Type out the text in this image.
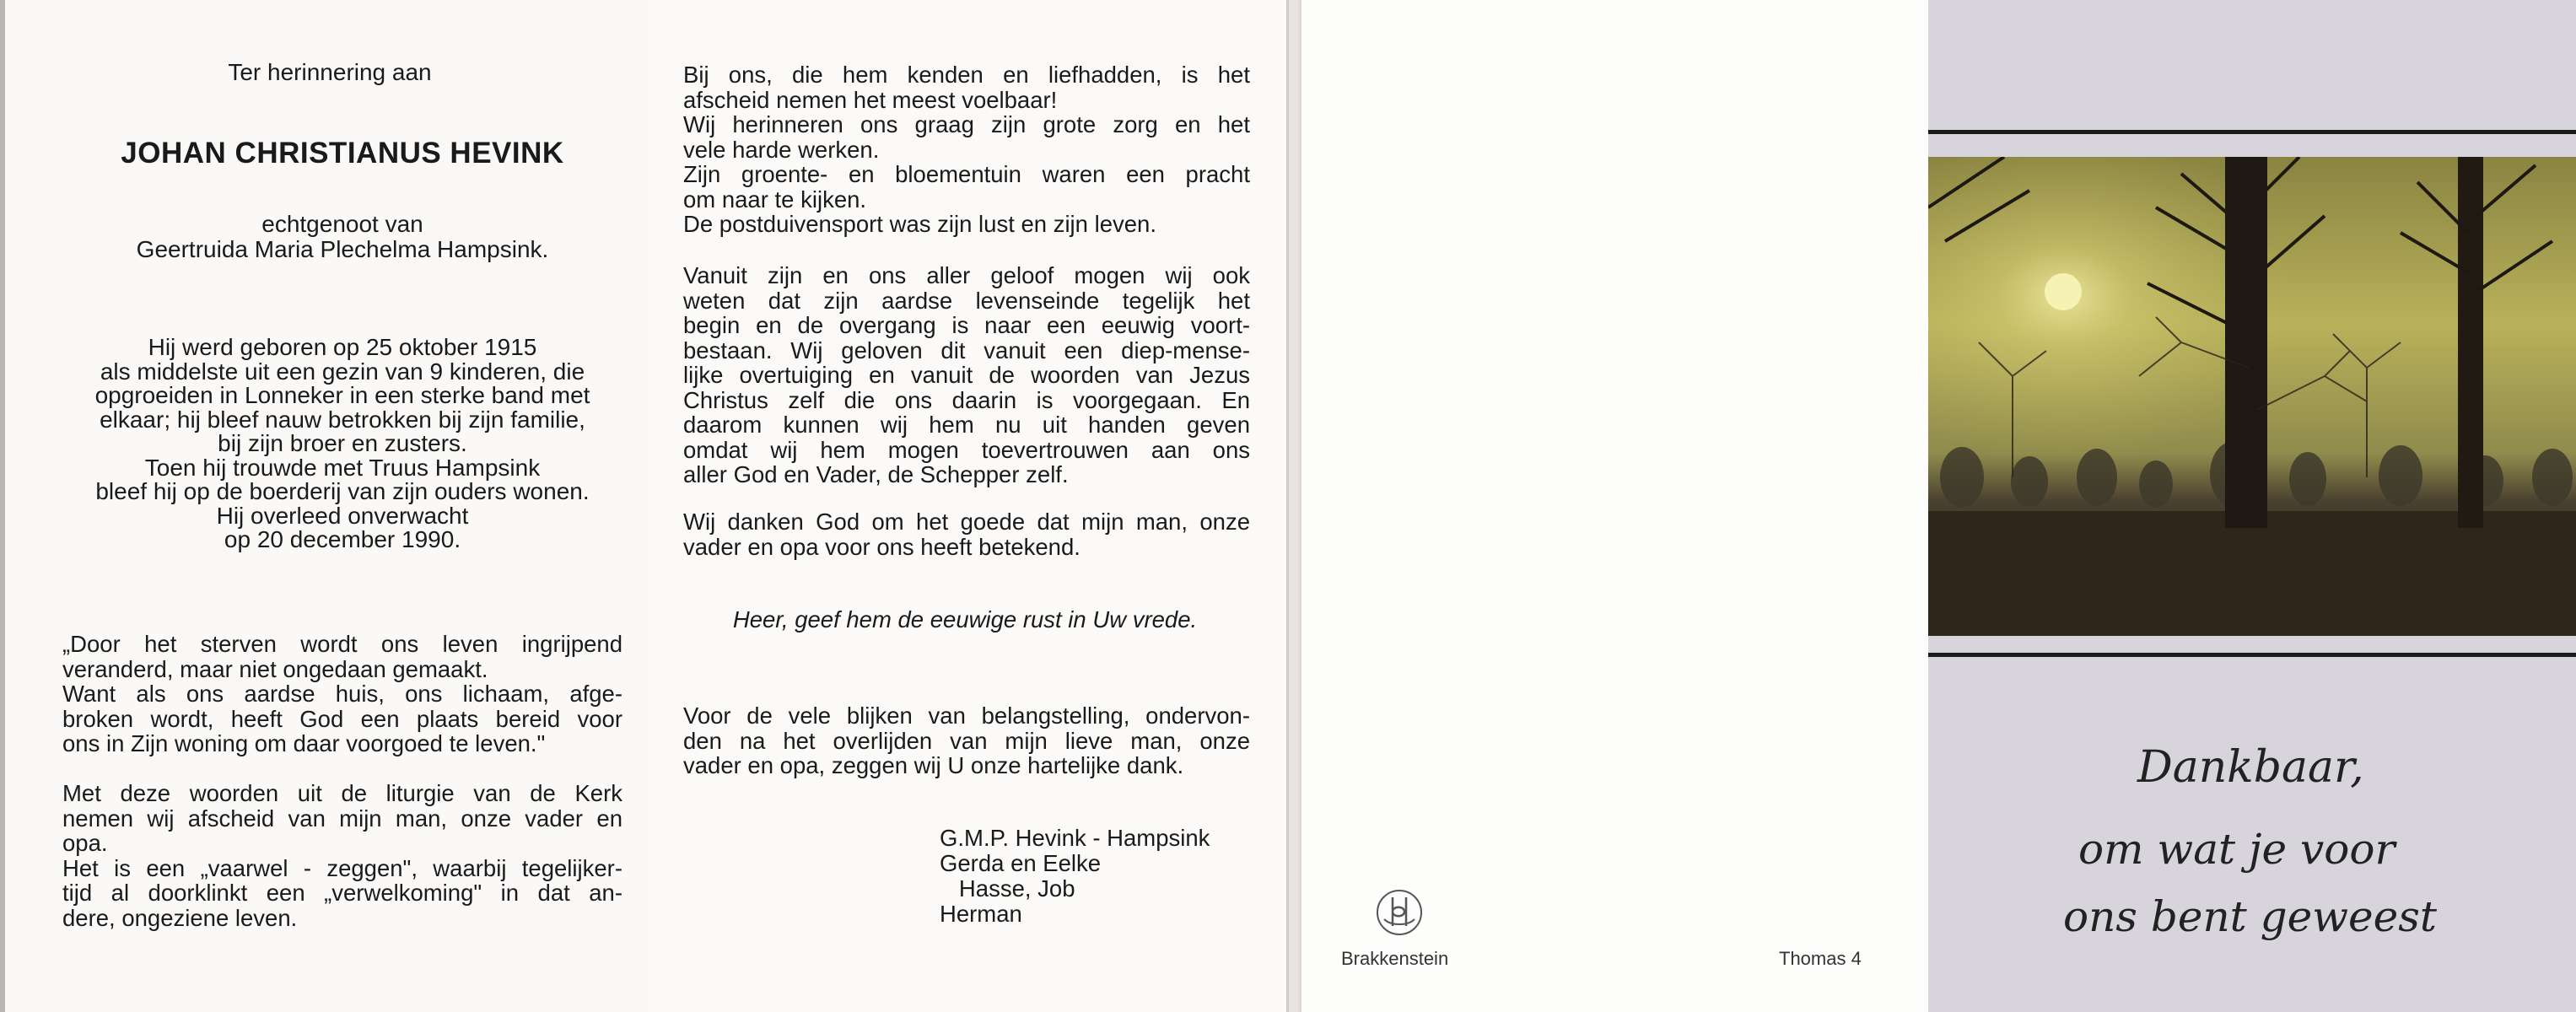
Ter herinnering aan
JOHAN CHRISTIANUS HEVINK
echtgenoot van
Geertruida Maria Plechelma Hampsink.
Hij werd geboren op 25 oktober 1915
als middelste uit een gezin van 9 kinderen, die
opgroeiden in Lonneker in een sterke band met
elkaar; hij bleef nauw betrokken bij zijn familie,
bij zijn broer en zusters.
Toen hij trouwde met Truus Hampsink
bleef hij op de boerderij van zijn ouders wonen.
Hij overleed onverwacht
op 20 december 1990.
„Door het sterven wordt ons leven ingrijpend
veranderd, maar niet ongedaan gemaakt.
Want als ons aardse huis, ons lichaam, afge-
broken wordt, heeft God een plaats bereid voor
ons in Zijn woning om daar voorgoed te leven."
Met deze woorden uit de liturgie van de Kerk
nemen wij afscheid van mijn man, onze vader en
opa.
Het is een „vaarwel - zeggen", waarbij tegelijker-
tijd al doorklinkt een „verwelkoming" in dat an-
dere, ongeziene leven.
Bij ons, die hem kenden en liefhadden, is het
afscheid nemen het meest voelbaar!
Wij herinneren ons graag zijn grote zorg en het
vele harde werken.
Zijn groente- en bloementuin waren een pracht
om naar te kijken.
De postduivensport was zijn lust en zijn leven.
Vanuit zijn en ons aller geloof mogen wij ook
weten dat zijn aardse levenseinde tegelijk het
begin en de overgang is naar een eeuwig voort-
bestaan. Wij geloven dit vanuit een diep-mense-
lijke overtuiging en vanuit de woorden van Jezus
Christus zelf die ons daarin is voorgegaan. En
daarom kunnen wij hem nu uit handen geven
omdat wij hem mogen toevertrouwen aan ons
aller God en Vader, de Schepper zelf.
Wij danken God om het goede dat mijn man, onze
vader en opa voor ons heeft betekend.
Heer, geef hem de eeuwige rust in Uw vrede.
Voor de vele blijken van belangstelling, ondervon-
den na het overlijden van mijn lieve man, onze
vader en opa, zeggen wij U onze hartelijke dank.
G.M.P. Hevink - Hampsink
Gerda en Eelke
Hasse, Job
Herman
Brakkenstein	Thomas 4
Dankbaar,
om wat je voor
ons bent geweest
